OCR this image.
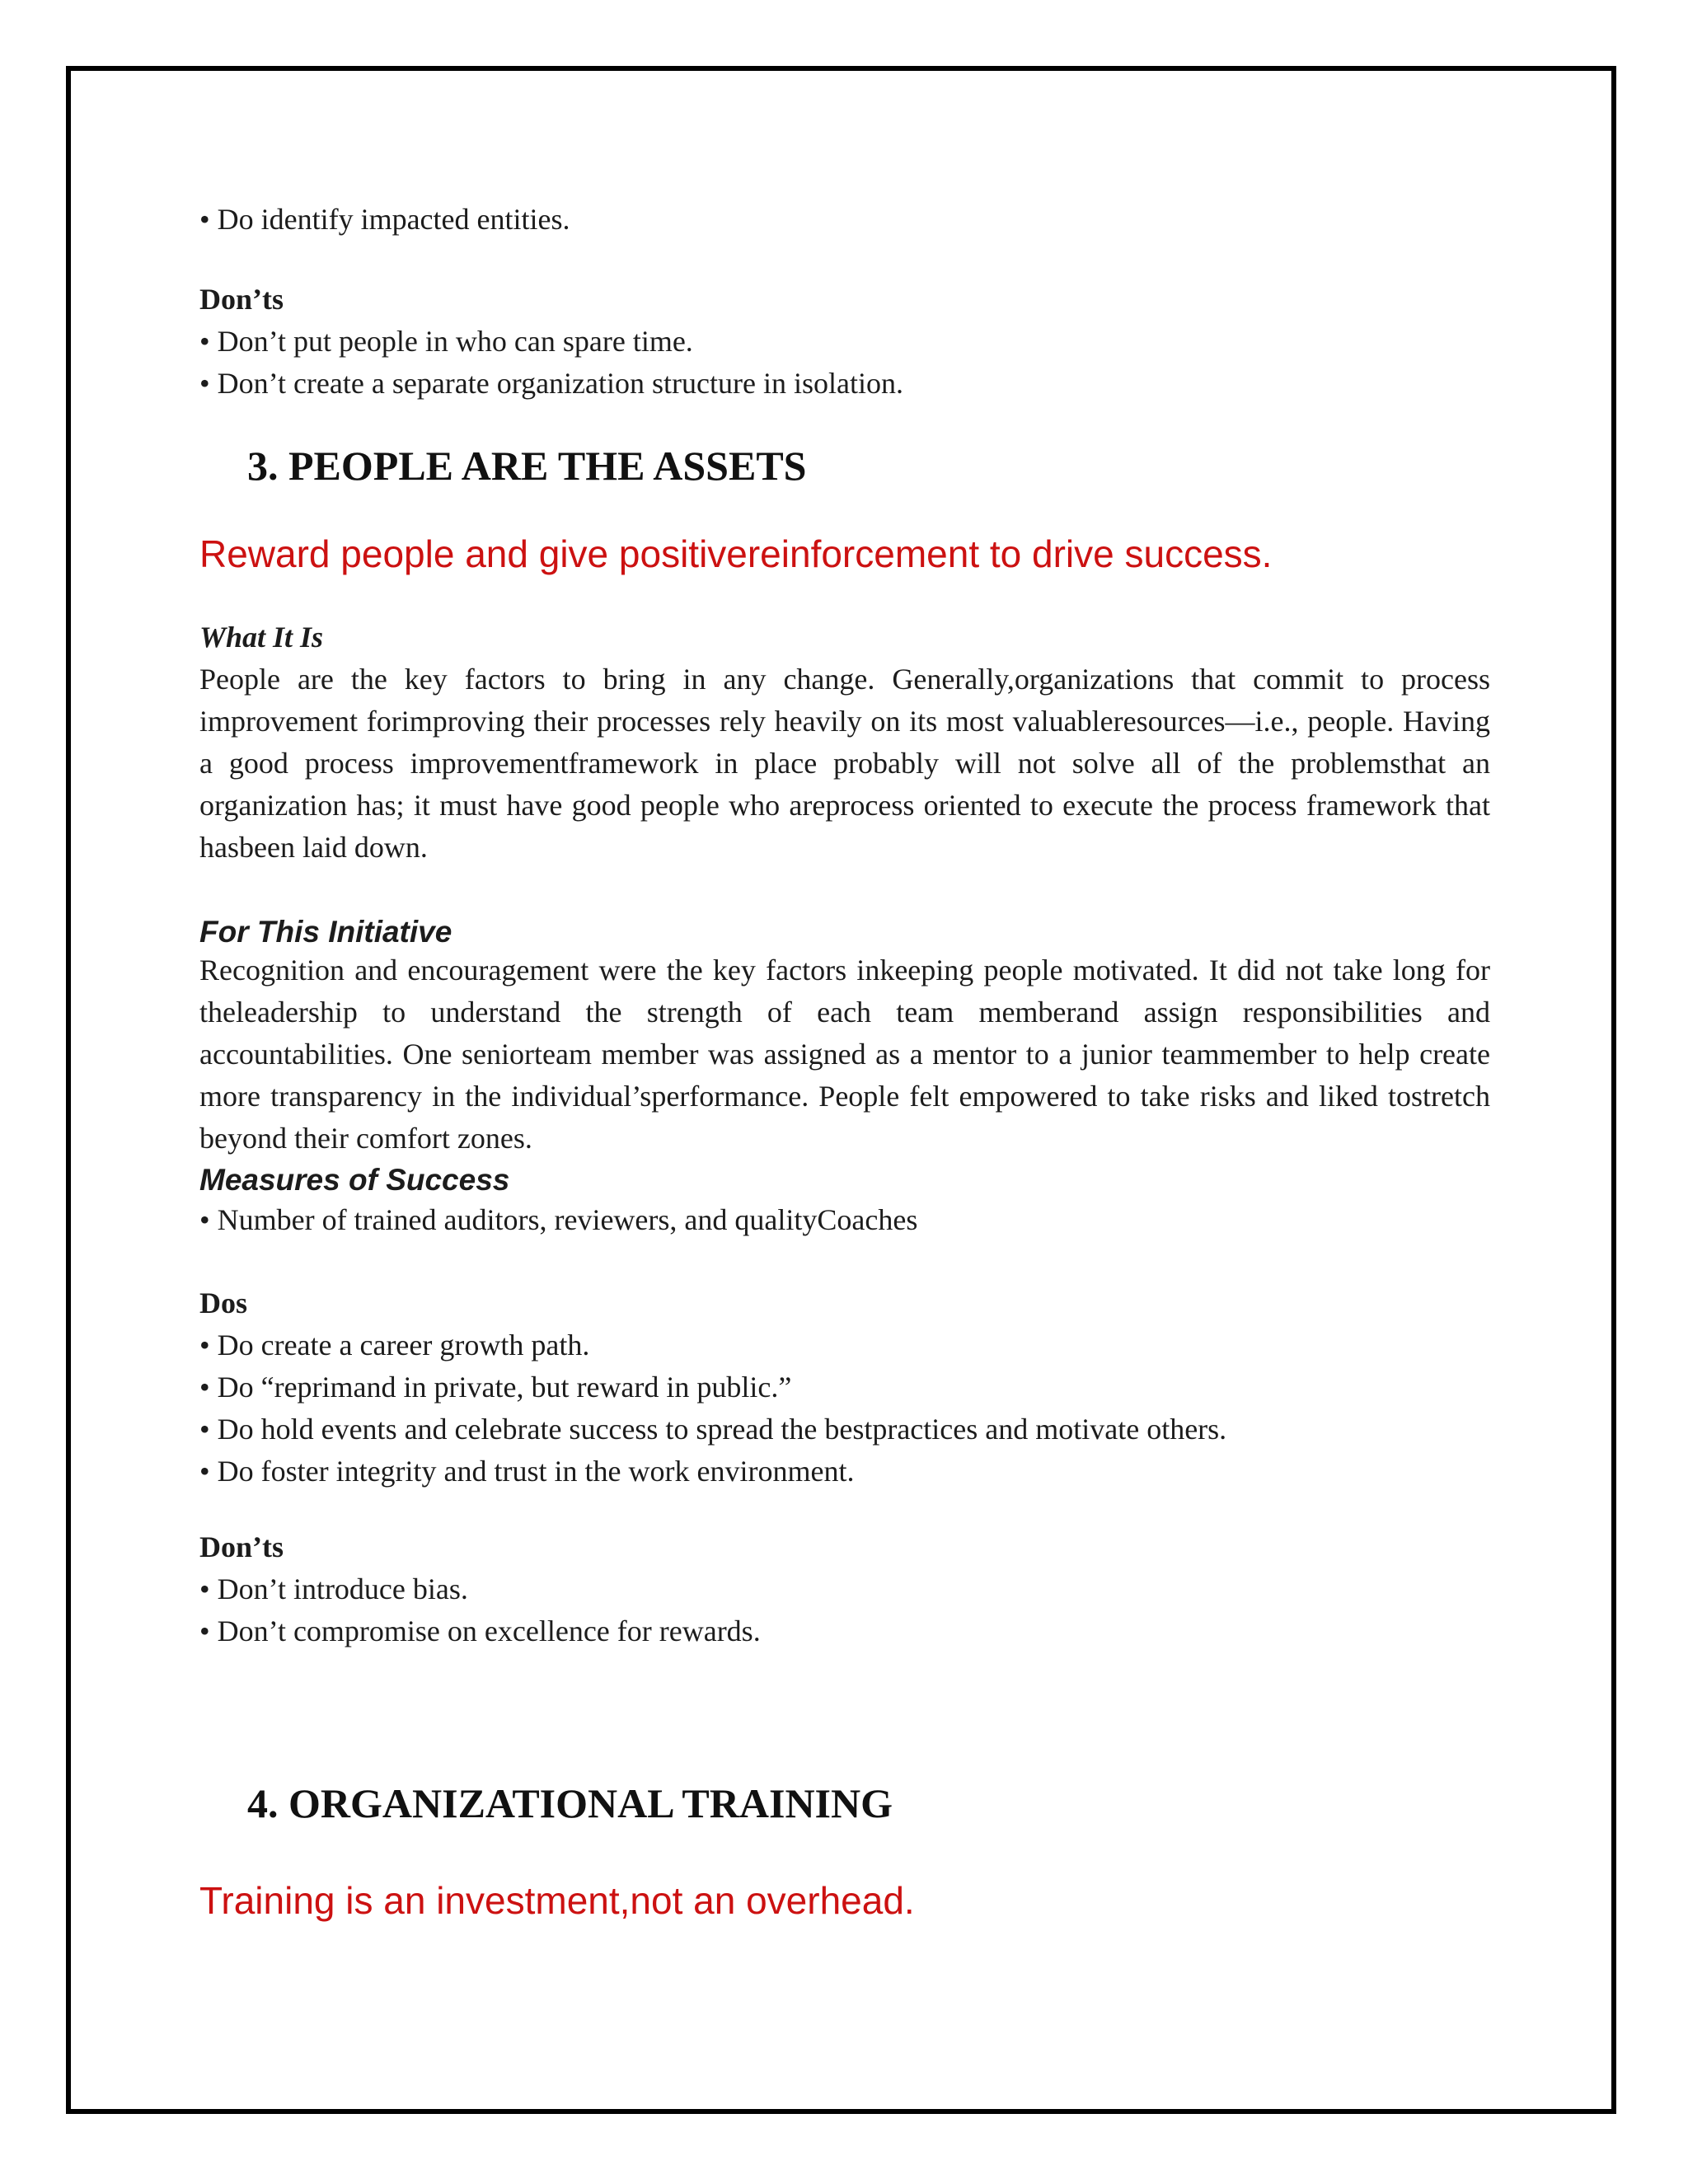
• Do identify impacted entities.
Don’ts
• Don’t put people in who can spare time.
• Don’t create a separate organization structure in isolation.
3. PEOPLE ARE THE ASSETS
Reward people and give positivereinforcement to drive success.
What It Is
People are the key factors to bring in any change. Generally,organizations that commit to process improvement forimproving their processes rely heavily on its most valuableresources—i.e., people. Having a good process improvementframework in place probably will not solve all of the problemsthat an organization has; it must have good people who areprocess oriented to execute the process framework that hasbeen laid down.
For This Initiative
Recognition and encouragement were the key factors inkeeping people motivated. It did not take long for theleadership to understand the strength of each team memberand assign responsibilities and accountabilities. One seniorteam member was assigned as a mentor to a junior teammember to help create more transparency in the individual’sperformance. People felt empowered to take risks and liked tostretch beyond their comfort zones.
Measures of Success
• Number of trained auditors, reviewers, and qualityCoaches
Dos
• Do create a career growth path.
• Do “reprimand in private, but reward in public.”
• Do hold events and celebrate success to spread the bestpractices and motivate others.
• Do foster integrity and trust in the work environment.
Don’ts
• Don’t introduce bias.
• Don’t compromise on excellence for rewards.
4. ORGANIZATIONAL TRAINING
Training is an investment,not an overhead.
